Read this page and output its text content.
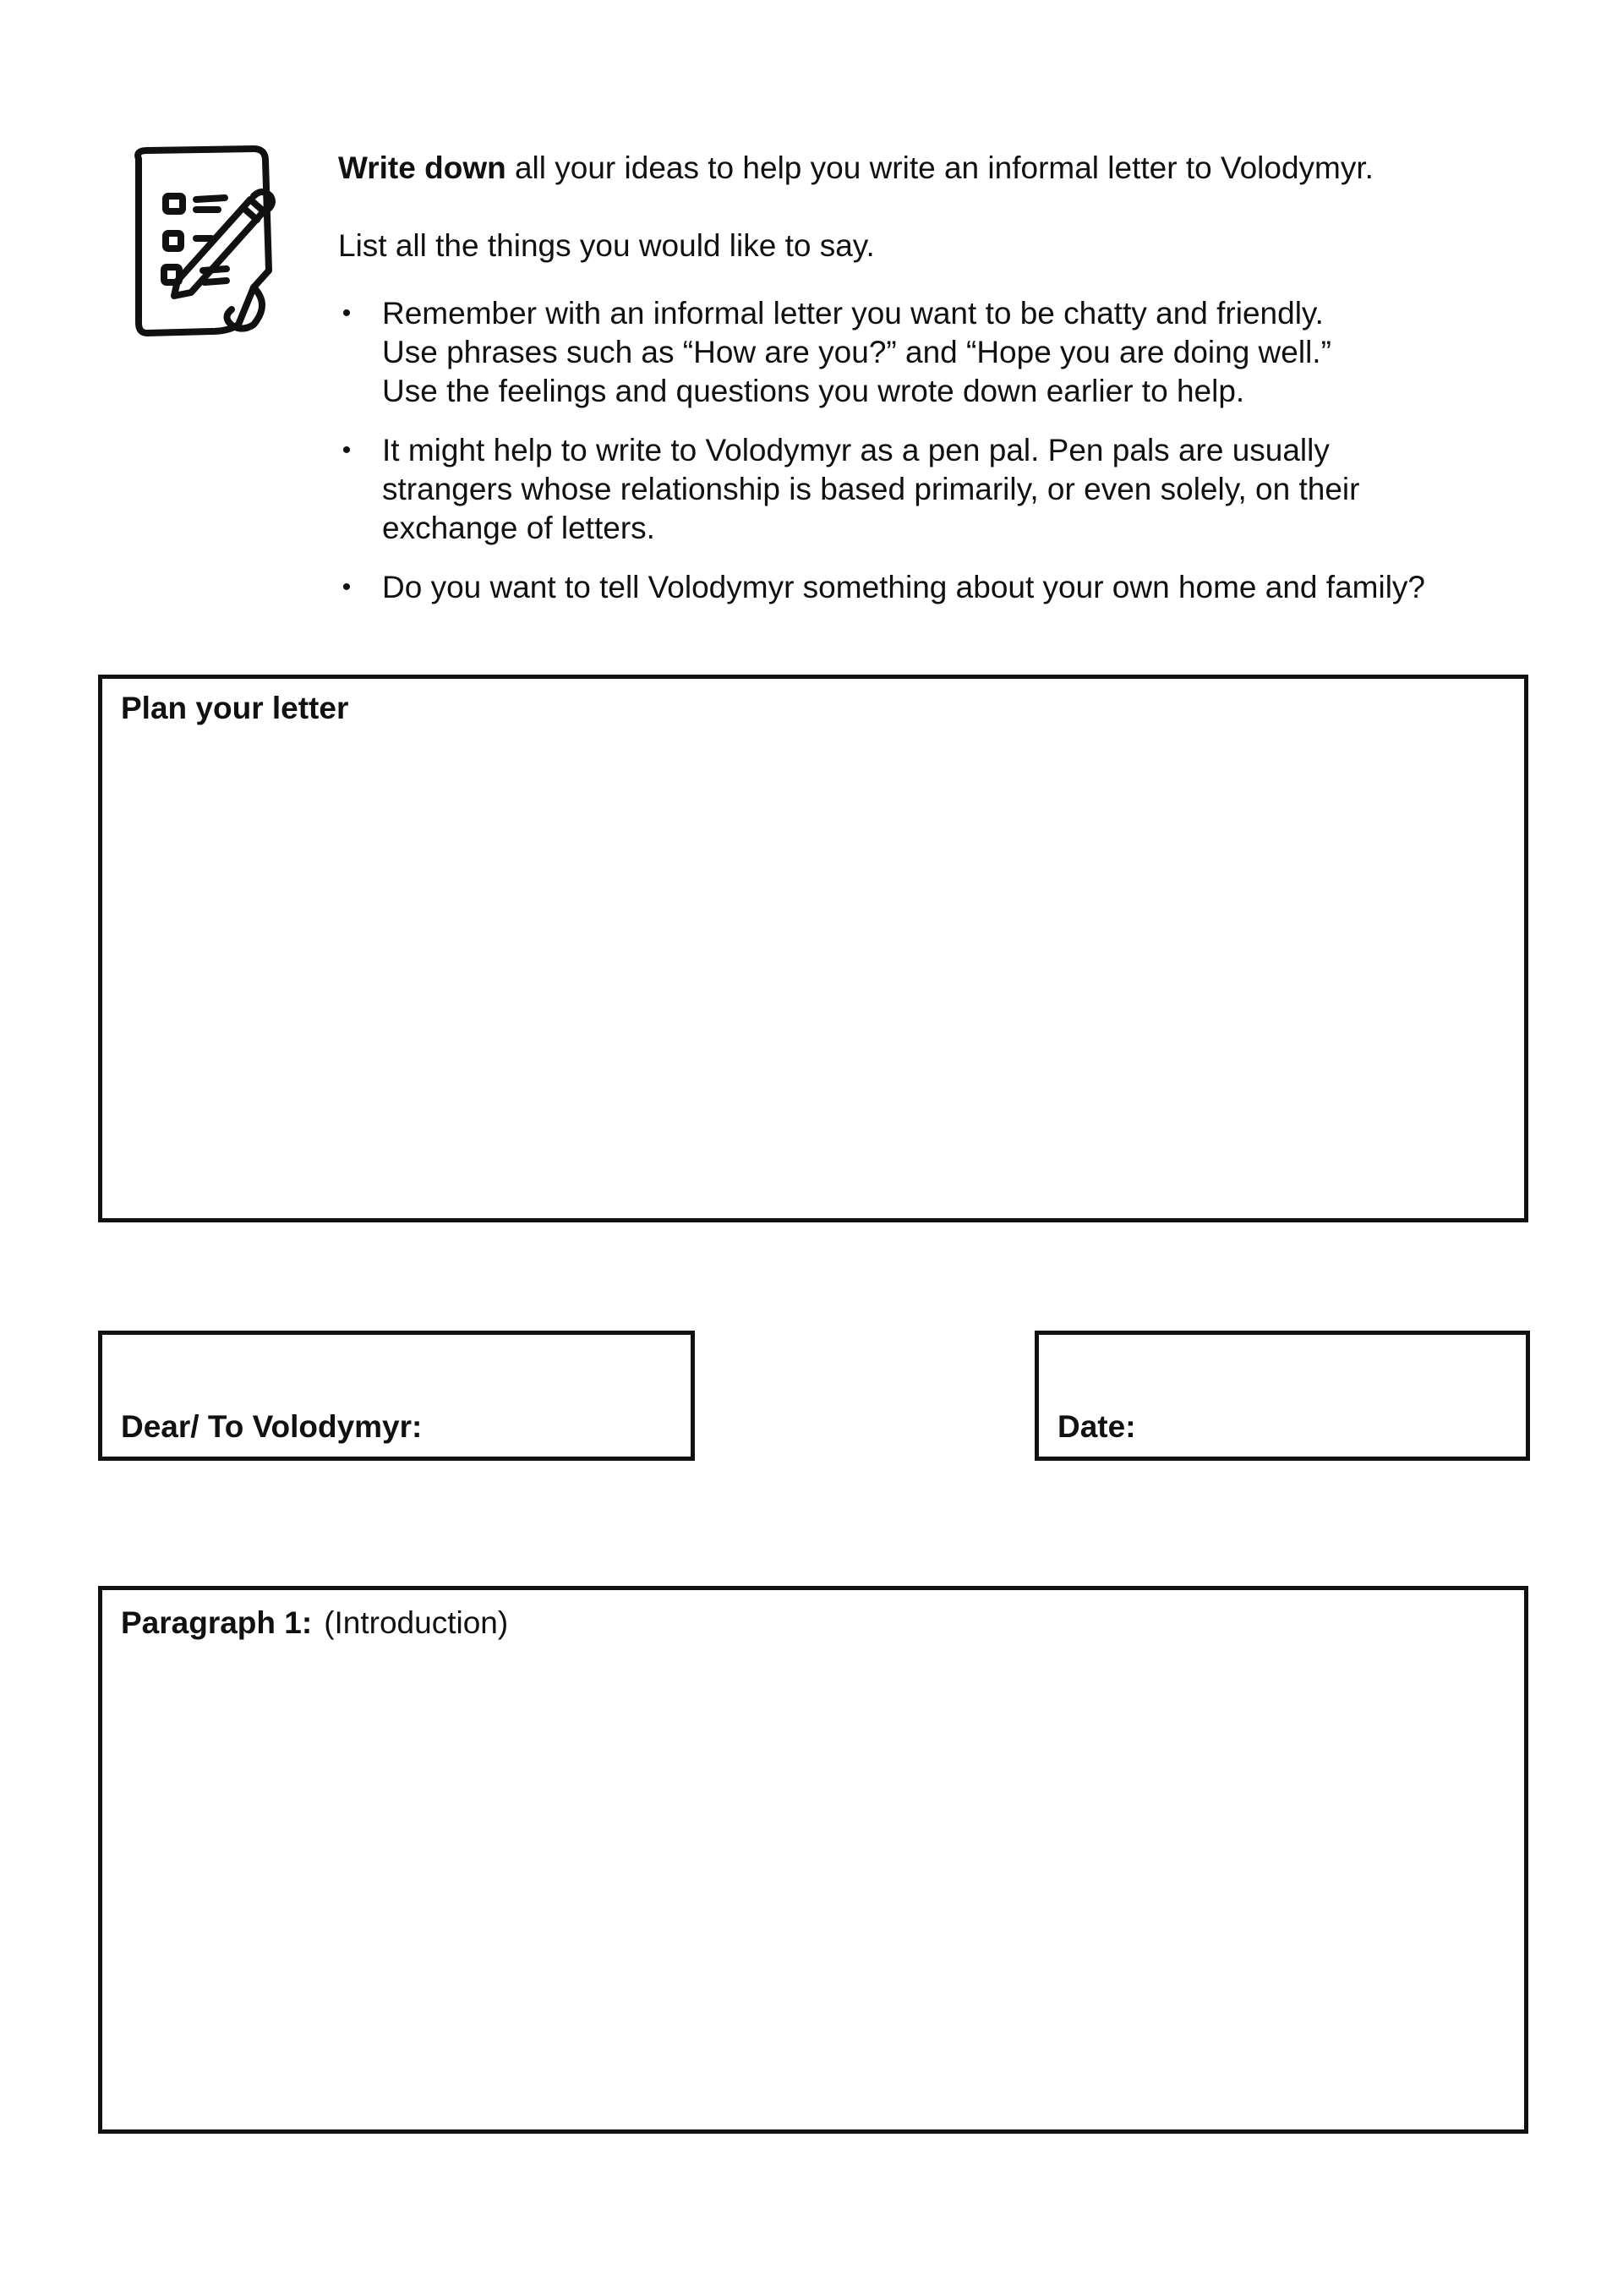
Write down all your ideas to help you write an informal letter to Volodymyr.

List all the things you would like to say.

• Remember with an informal letter you want to be chatty and friendly.
Use phrases such as “How are you?” and “Hope you are doing well.”
Use the feelings and questions you wrote down earlier to help.
• It might help to write to Volodymyr as a pen pal. Pen pals are usually
strangers whose relationship is based primarily, or even solely, on their
exchange of letters.
• Do you want to tell Volodymyr something about your own home and family?
Plan your letter
Dear/ To Volodymyr:	Date:
Paragraph 1: (Introduction)
